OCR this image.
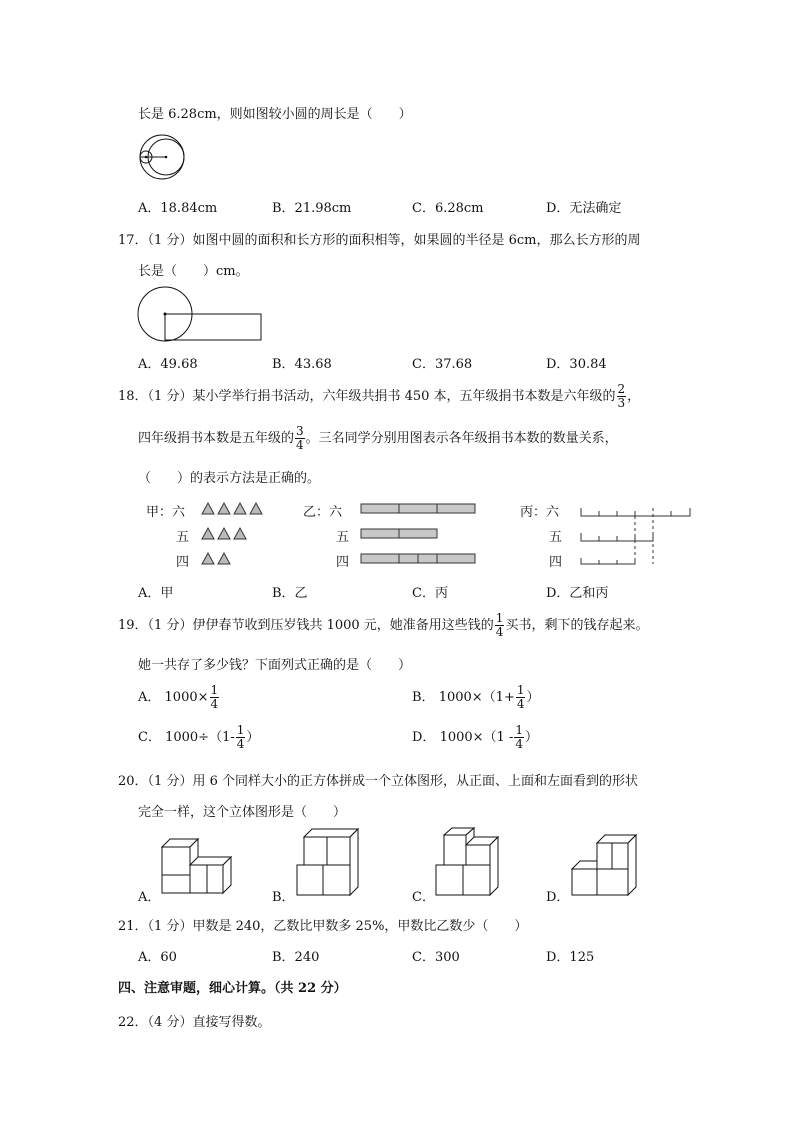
长是 6.28cm，则如图较小圆的周长是（　　）
A．18.84cm	B．21.98cm	C．6.28cm	D．无法确定
17．（1 分）如图中圆的面积和长方形的面积相等，如果圆的半径是 6cm，那么长方形的周
长是（　　）cm。
A．49.68	B．43.68	C．37.68	D．30.84
18．（1 分）某小学举行捐书活动，六年级共捐书 450 本，五年级捐书本数是六年级的 $\frac{2}{3}$ ，
四年级捐书本数是五年级的 $\frac{3}{4}$ 。三名同学分别用图表示各年级捐书本数的数量关系，
（　　）的表示方法是正确的。
甲：六
五
四
乙：六
五
四
丙：六
五
四
A．甲	B．乙	C．丙	D．乙和丙
19．（1 分）伊伊春节收到压岁钱共 1000 元，她准备用这些钱的 $\frac{1}{4}$ 买书，剩下的钱存起来。
她一共存了多少钱？下面列式正确的是（　　）
A． $1000\times \frac{1}{4}$	B． $1000\times(1+ \frac{1}{4}$ ）
C． $1000\div(1- \frac{1}{4}$ ）	D． $1000\times(1 - \frac{1}{4}$ ）
20．（1 分）用 6 个同样大小的正方体拼成一个立体图形，从正面、上面和左面看到的形状
完全一样，这个立体图形是（　　）
A．	B．	C．	D．
21．（1 分）甲数是 240，乙数比甲数多 25%，甲数比乙数少（　　）
A．60	B．240	C．300	D．125
四、注意审题，细心计算。（共 22 分）
22．（4 分）直接写得数。
